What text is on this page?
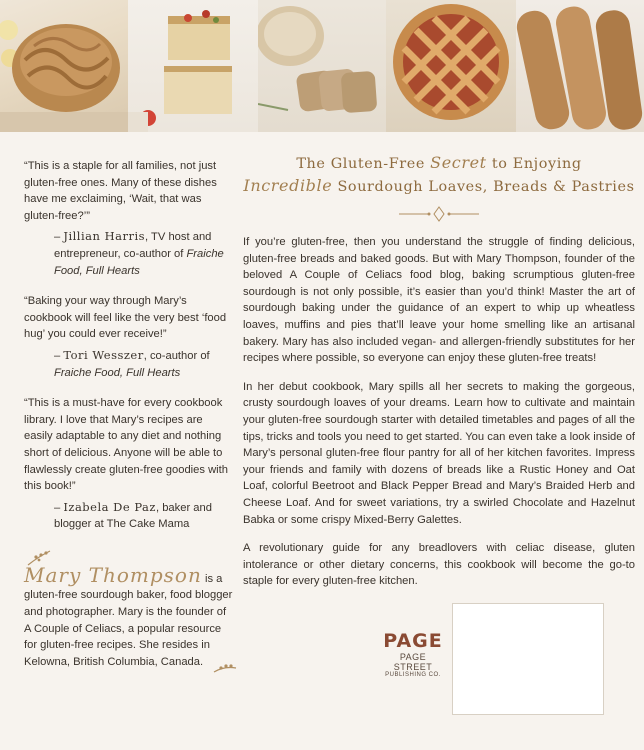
“This is a staple for all families, not just gluten-free ones. Many of these dishes have me exclaiming, ‘Wait, that was gluten-free?’”

– Jillian Harris, TV host and entrepreneur, co-author of Fraiche Food, Full Hearts

“Baking your way through Mary’s cookbook will feel like the very best ‘food hug’ you could ever receive!”

– Tori Wesszer, co-author of Fraiche Food, Full Hearts

“This is a must-have for every cookbook library. I love that Mary’s recipes are easily adaptable to any diet and nothing short of delicious. Anyone will be able to flawlessly create gluten-free goodies with this book!”

– Izabela De Paz, baker and blogger at The Cake Mama

Mary Thompson is a gluten-free sourdough baker, food blogger and photographer. Mary is the founder of A Couple of Celiacs, a popular resource for gluten-free recipes. She resides in Kelowna, British Columbia, Canada.
The Gluten-Free Secret to Enjoying
Incredible Sourdough Loaves, Breads & Pastries

If you’re gluten-free, then you understand the struggle of finding delicious, gluten-free breads and baked goods. But with Mary Thompson, founder of the beloved A Couple of Celiacs food blog, baking scrumptious gluten-free sourdough is not only possible, it’s easier than you’d think! Master the art of sourdough baking under the guidance of an expert to whip up wheatless loaves, muffins and pies that’ll leave your home smelling like an artisanal bakery. Mary has also included vegan- and allergen-friendly substitutes for her recipes where possible, so everyone can enjoy these gluten-free treats!

In her debut cookbook, Mary spills all her secrets to making the gorgeous, crusty sourdough loaves of your dreams. Learn how to cultivate and maintain your gluten-free sourdough starter with detailed timetables and pages of all the tips, tricks and tools you need to get started. You can even take a look inside of Mary’s personal gluten-free flour pantry for all of her kitchen favorites. Impress your friends and family with dozens of breads like a Rustic Honey and Oat Loaf, colorful Beetroot and Black Pepper Bread and Mary’s Braided Herb and Cheese Loaf. And for sweet variations, try a swirled Chocolate and Hazelnut Babka or some crispy Mixed-Berry Galettes.

A revolutionary guide for any breadlovers with celiac disease, gluten intolerance or other dietary concerns, this cookbook will become the go-to staple for every gluten-free kitchen.

PAGE
PAGE STREET
PUBLISHING CO.
